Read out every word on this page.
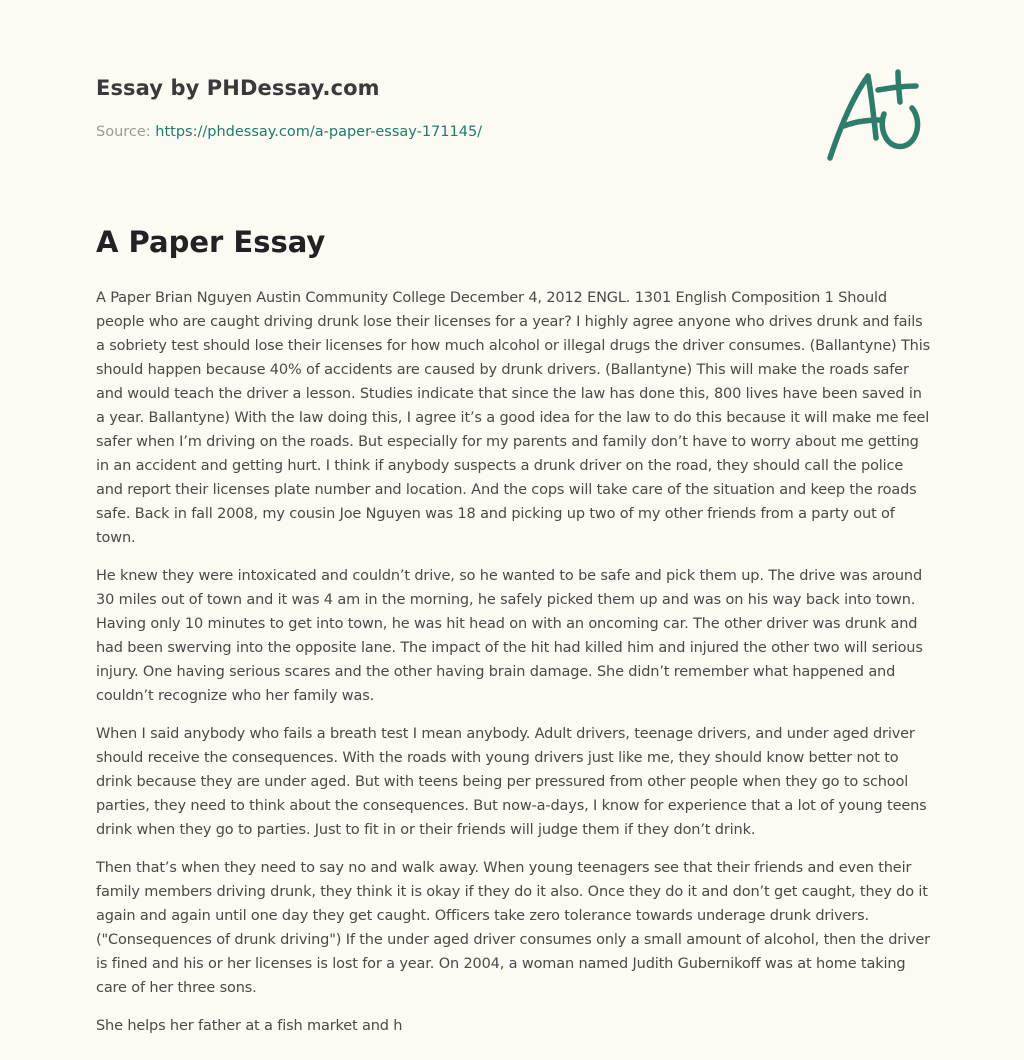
Essay by PHDessay.com
Source: https://phdessay.com/a-paper-essay-171145/
A Paper Essay

A Paper Brian Nguyen Austin Community College December 4, 2012 ENGL. 1301 English Composition 1 Should people who are caught driving drunk lose their licenses for a year? I highly agree anyone who drives drunk and fails a sobriety test should lose their licenses for how much alcohol or illegal drugs the driver consumes. (Ballantyne) This should happen because 40% of accidents are caused by drunk drivers. (Ballantyne) This will make the roads safer and would teach the driver a lesson. Studies indicate that since the law has done this, 800 lives have been saved in a year. Ballantyne) With the law doing this, I agree it’s a good idea for the law to do this because it will make me feel safer when I’m driving on the roads. But especially for my parents and family don’t have to worry about me getting in an accident and getting hurt. I think if anybody suspects a drunk driver on the road, they should call the police and report their licenses plate number and location. And the cops will take care of the situation and keep the roads safe. Back in fall 2008, my cousin Joe Nguyen was 18 and picking up two of my other friends from a party out of town.

He knew they were intoxicated and couldn’t drive, so he wanted to be safe and pick them up. The drive was around 30 miles out of town and it was 4 am in the morning, he safely picked them up and was on his way back into town. Having only 10 minutes to get into town, he was hit head on with an oncoming car. The other driver was drunk and had been swerving into the opposite lane. The impact of the hit had killed him and injured the other two will serious injury. One having serious scares and the other having brain damage. She didn’t remember what happened and couldn’t recognize who her family was.

When I said anybody who fails a breath test I mean anybody. Adult drivers, teenage drivers, and under aged driver should receive the consequences. With the roads with young drivers just like me, they should know better not to drink because they are under aged. But with teens being per pressured from other people when they go to school parties, they need to think about the consequences. But now-a-days, I know for experience that a lot of young teens drink when they go to parties. Just to fit in or their friends will judge them if they don’t drink.

Then that’s when they need to say no and walk away. When young teenagers see that their friends and even their family members driving drunk, they think it is okay if they do it also. Once they do it and don’t get caught, they do it again and again until one day they get caught. Officers take zero tolerance towards underage drunk drivers. ("Consequences of drunk driving") If the under aged driver consumes only a small amount of alcohol, then the driver is fined and his or her licenses is lost for a year. On 2004, a woman named Judith Gubernikoff was at home taking care of her three sons.

She helps her father at a fish market and h
